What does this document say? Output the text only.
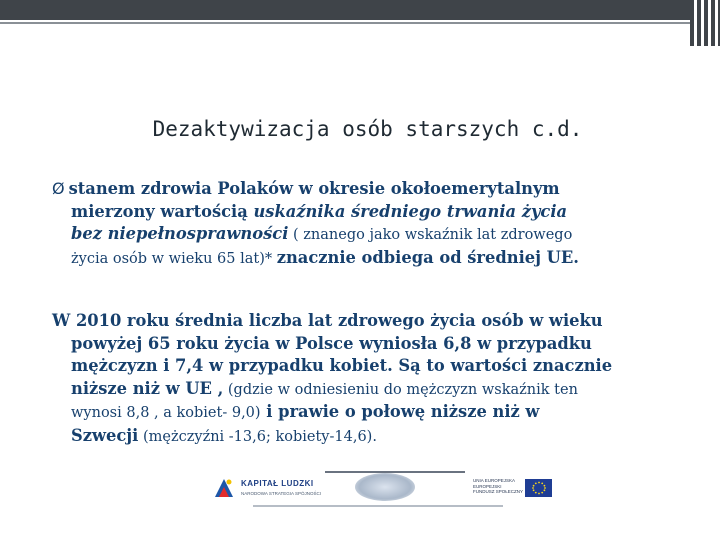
Dezaktywizacja osób starszych c.d.
Ø stanem zdrowia Polaków w okresie okołoemerytalnym
mierzony wartością uskaźnika średniego trwania życia
bez niepełnosprawności ( znanego jako wskaźnik lat zdrowego
życia osób w wieku 65 lat)* znacznie odbiega od średniej UE.
W 2010 roku średnia liczba lat zdrowego życia osób w wieku
powyżej 65 roku życia w Polsce wyniosła 6,8 w przypadku
mężczyzn i 7,4 w przypadku kobiet. Są to wartości znacznie
niższe niż w UE , (gdzie w odniesieniu do mężczyzn wskaźnik ten
wynosi 8,8 , a kobiet- 9,0) i prawie o połowę niższe niż w
Szwecji (mężczyźni -13,6; kobiety-14,6).
KAPITAŁ LUDZKI
NARODOWA STRATEGIA SPÓJNOŚCI
UNIA EUROPEJSKA EUROPEJSKI FUNDUSZ SPOŁECZNY
